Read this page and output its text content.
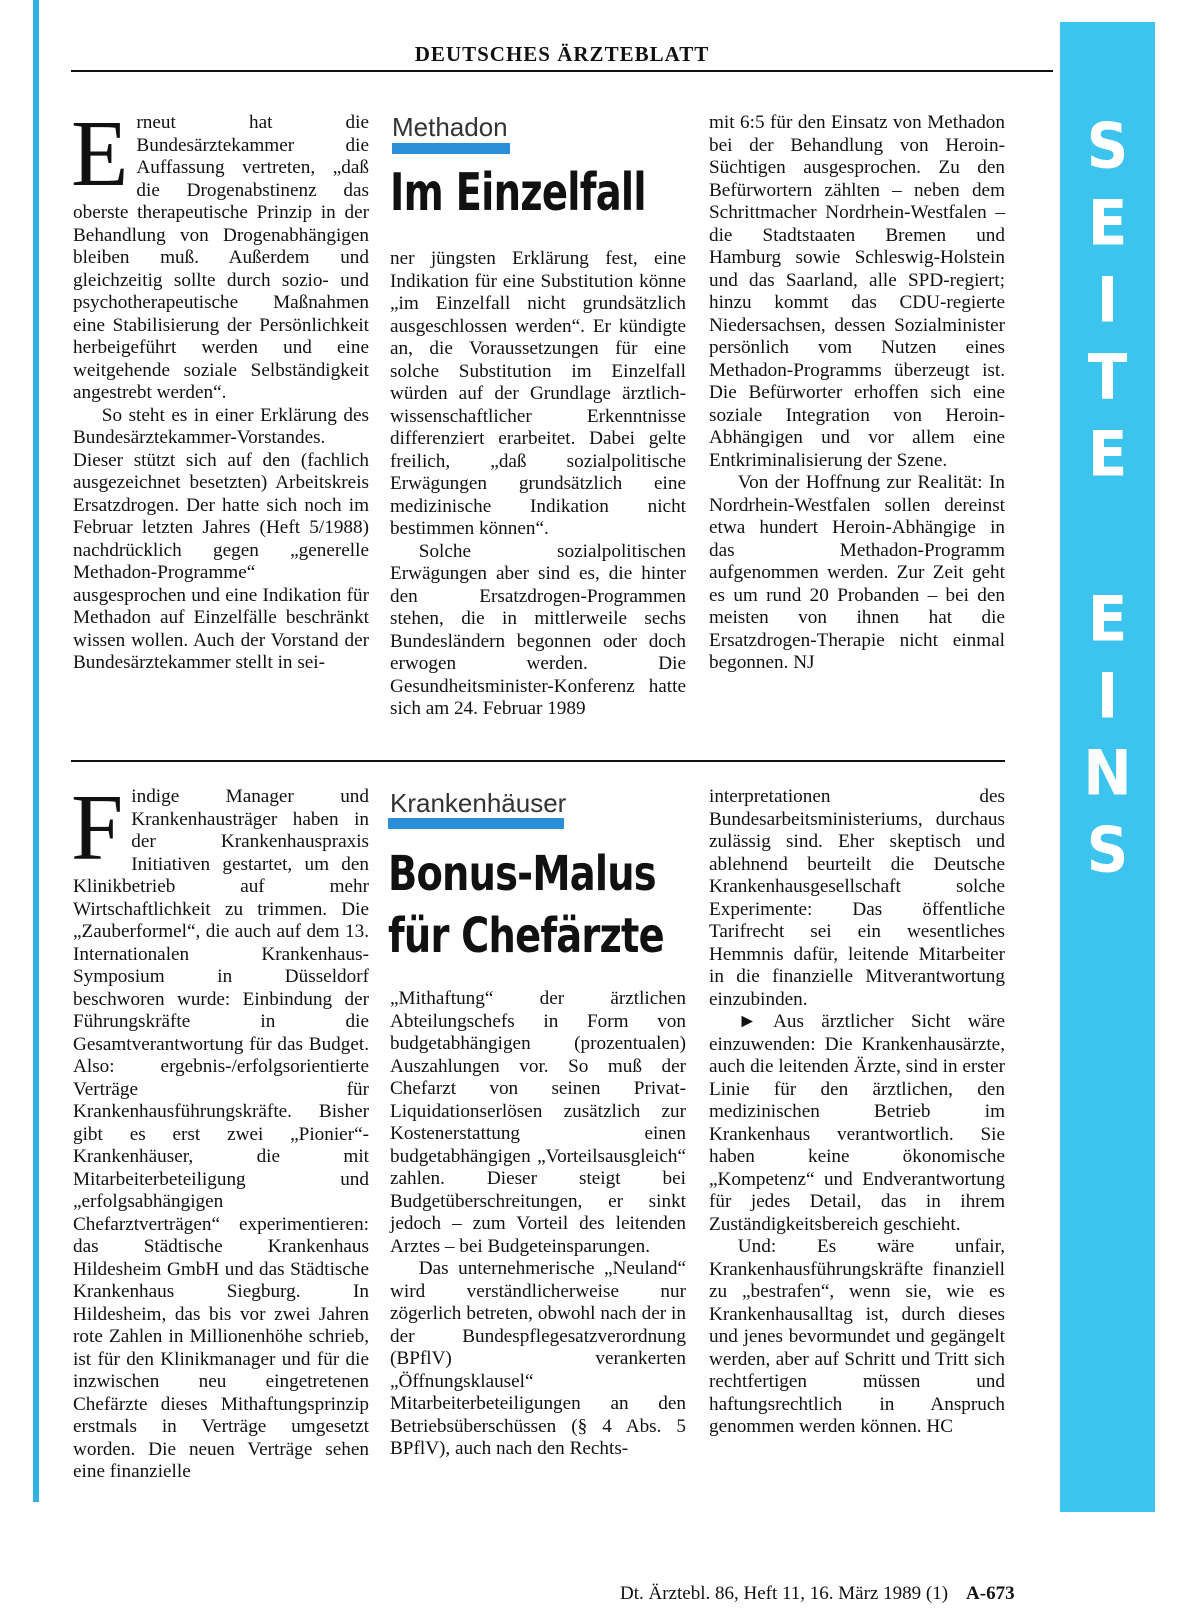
S
E
I
T
E
E
I
N
S
DEUTSCHES ÄRZTEBLATT
Methadon
Im Einzelfall

Erneut hat die Bundesärztekammer die Auffassung vertreten, „daß die Drogenabstinenz das oberste therapeutische Prinzip in der Behandlung von Drogenabhängigen bleiben muß. Außerdem und gleichzeitig sollte durch sozio- und psychotherapeutische Maßnahmen eine Stabilisierung der Persönlichkeit herbeigeführt werden und eine weitgehende soziale Selbständigkeit angestrebt werden“.

So steht es in einer Erklärung des Bundesärztekammer-Vorstandes. Dieser stützt sich auf den (fachlich ausgezeichnet besetzten) Arbeitskreis Ersatzdrogen. Der hatte sich noch im Februar letzten Jahres (Heft 5/1988) nachdrücklich gegen „generelle Methadon-Programme“ ausgesprochen und eine Indikation für Methadon auf Einzelfälle beschränkt wissen wollen. Auch der Vorstand der Bundesärztekammer stellt in sei-

ner jüngsten Erklärung fest, eine Indikation für eine Substitution könne „im Einzelfall nicht grundsätzlich ausgeschlossen werden“. Er kündigte an, die Voraussetzungen für eine solche Substitution im Einzelfall würden auf der Grundlage ärztlich-wissenschaftlicher Erkenntnisse differenziert erarbeitet. Dabei gelte freilich, „daß sozialpolitische Erwägungen grundsätzlich eine medizinische Indikation nicht bestimmen können“.

Solche sozialpolitischen Erwägungen aber sind es, die hinter den Ersatzdrogen-Programmen stehen, die in mittlerweile sechs Bundesländern begonnen oder doch erwogen werden. Die Gesundheitsminister-Konferenz hatte sich am 24. Februar 1989

mit 6:5 für den Einsatz von Methadon bei der Behandlung von Heroin-Süchtigen ausgesprochen. Zu den Befürwortern zählten – neben dem Schrittmacher Nordrhein-Westfalen – die Stadtstaaten Bremen und Hamburg sowie Schleswig-Holstein und das Saarland, alle SPD-regiert; hinzu kommt das CDU-regierte Niedersachsen, dessen Sozialminister persönlich vom Nutzen eines Methadon-Programms überzeugt ist. Die Befürworter erhoffen sich eine soziale Integration von Heroin-Abhängigen und vor allem eine Entkriminalisierung der Szene.

Von der Hoffnung zur Realität: In Nordrhein-Westfalen sollen dereinst etwa hundert Heroin-Abhängige in das Methadon-Programm aufgenommen werden. Zur Zeit geht es um rund 20 Probanden – bei den meisten von ihnen hat die Ersatzdrogen-Therapie nicht einmal begonnen. NJ

Krankenhäuser
Bonus-Malus
für Chefärzte

Findige Manager und Krankenhausträger haben in der Krankenhauspraxis Initiativen gestartet, um den Klinikbetrieb auf mehr Wirtschaftlichkeit zu trimmen. Die „Zauberformel“, die auch auf dem 13. Internationalen Krankenhaus-Symposium in Düsseldorf beschworen wurde: Einbindung der Führungskräfte in die Gesamtverantwortung für das Budget. Also: ergebnis-/erfolgsorientierte Verträge für Krankenhausführungskräfte. Bisher gibt es erst zwei „Pionier“-Krankenhäuser, die mit Mitarbeiterbeteiligung und „erfolgsabhängigen Chefarztverträgen“ experimentieren: das Städtische Krankenhaus Hildesheim GmbH und das Städtische Krankenhaus Siegburg. In Hildesheim, das bis vor zwei Jahren rote Zahlen in Millionenhöhe schrieb, ist für den Klinikmanager und für die inzwischen neu eingetretenen Chefärzte dieses Mithaftungsprinzip erstmals in Verträge umgesetzt worden. Die neuen Verträge sehen eine finanzielle

„Mithaftung“ der ärztlichen Abteilungschefs in Form von budgetabhängigen (prozentualen) Auszahlungen vor. So muß der Chefarzt von seinen Privat-Liquidationserlösen zusätzlich zur Kostenerstattung einen budgetabhängigen „Vorteilsausgleich“ zahlen. Dieser steigt bei Budgetüberschreitungen, er sinkt jedoch – zum Vorteil des leitenden Arztes – bei Budgeteinsparungen.

Das unternehmerische „Neuland“ wird verständlicherweise nur zögerlich betreten, obwohl nach der in der Bundespflegesatzverordnung (BPflV) verankerten „Öffnungsklausel“ Mitarbeiterbeteiligungen an den Betriebsüberschüssen (§ 4 Abs. 5 BPflV), auch nach den Rechts-

interpretationen des Bundesarbeitsministeriums, durchaus zulässig sind. Eher skeptisch und ablehnend beurteilt die Deutsche Krankenhausgesellschaft solche Experimente: Das öffentliche Tarifrecht sei ein wesentliches Hemmnis dafür, leitende Mitarbeiter in die finanzielle Mitverantwortung einzubinden.

► Aus ärztlicher Sicht wäre einzuwenden: Die Krankenhausärzte, auch die leitenden Ärzte, sind in erster Linie für den ärztlichen, den medizinischen Betrieb im Krankenhaus verantwortlich. Sie haben keine ökonomische „Kompetenz“ und Endverantwortung für jedes Detail, das in ihrem Zuständigkeitsbereich geschieht.

Und: Es wäre unfair, Krankenhausführungskräfte finanziell zu „bestrafen“, wenn sie, wie es Krankenhausalltag ist, durch dieses und jenes bevormundet und gegängelt werden, aber auf Schritt und Tritt sich rechtfertigen müssen und haftungsrechtlich in Anspruch genommen werden können. HC

Dt. Ärztebl. 86, Heft 11, 16. März 1989 (1) A-673
